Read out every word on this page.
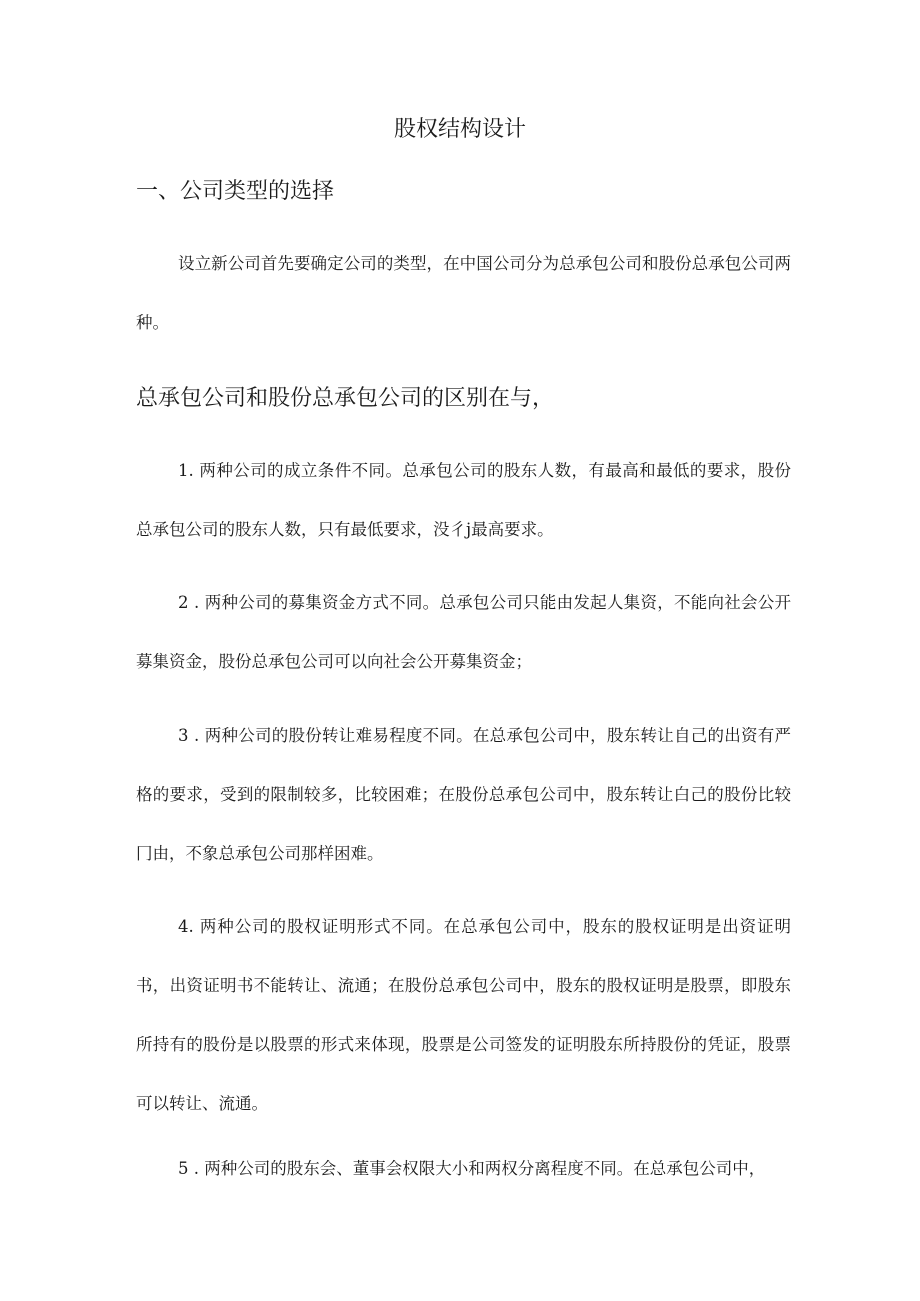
股权结构设计
一、公司类型的选择

设立新公司首先要确定公司的类型，在中国公司分为总承包公司和股份总承包公司两种。

总承包公司和股份总承包公司的区别在与，

1. 两种公司的成立条件不同。总承包公司的股东人数，有最高和最低的要求，股份总承包公司的股东人数，只有最低要求，没彳j最高要求。

2 . 两种公司的募集资金方式不同。总承包公司只能由发起人集资，不能向社会公开募集资金，股份总承包公司可以向社会公开募集资金；

3 . 两种公司的股份转让难易程度不同。在总承包公司中，股东转让自己的出资有严格的要求，受到的限制较多，比较困难；在股份总承包公司中，股东转让白己的股份比较冂由，不象总承包公司那样困难。

4. 两种公司的股权证明形式不同。在总承包公司中，股东的股权证明是出资证明书，出资证明书不能转让、流通；在股份总承包公司中，股东的股权证明是股票，即股东所持有的股份是以股票的形式来体现，股票是公司签发的证明股东所持股份的凭证，股票可以转让、流通。

5 . 两种公司的股东会、董事会权限大小和两权分离程度不同。在总承包公司中，
